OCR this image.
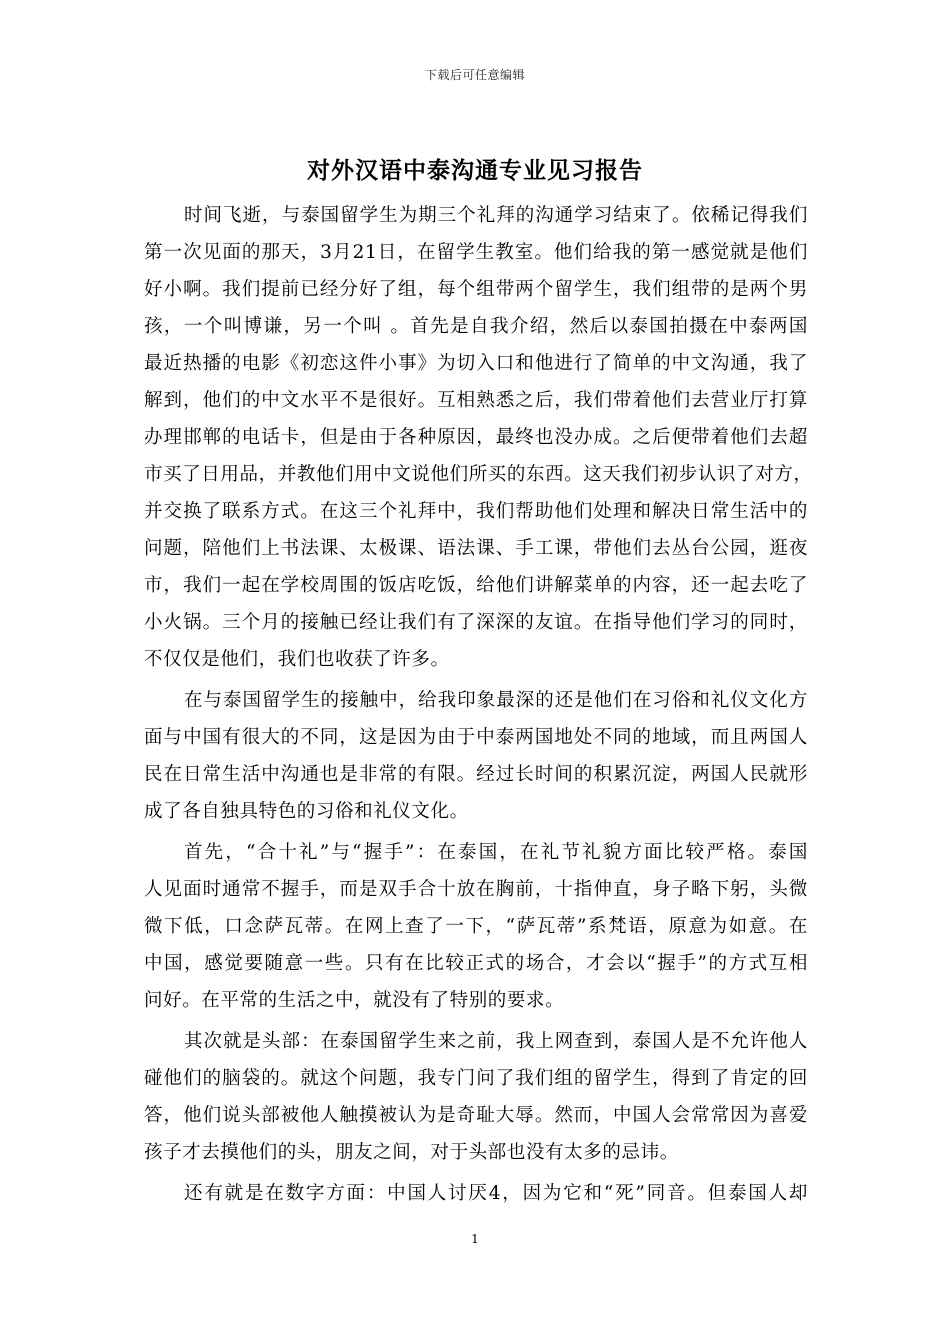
下载后可任意编辑
对外汉语中泰沟通专业见习报告
时间飞逝，与泰国留学生为期三个礼拜的沟通学习结束了。依稀记得我们
第一次见面的那天，3月21日，在留学生教室。他们给我的第一感觉就是他们
好小啊。我们提前已经分好了组，每个组带两个留学生，我们组带的是两个男
孩，一个叫博谦，另一个叫 。首先是自我介绍，然后以泰国拍摄在中泰两国
最近热播的电影《初恋这件小事》为切入口和他进行了简单的中文沟通，我了
解到，他们的中文水平不是很好。互相熟悉之后，我们带着他们去营业厅打算
办理邯郸的电话卡，但是由于各种原因，最终也没办成。之后便带着他们去超
市买了日用品，并教他们用中文说他们所买的东西。这天我们初步认识了对方，
并交换了联系方式。在这三个礼拜中，我们帮助他们处理和解决日常生活中的
问题，陪他们上书法课、太极课、语法课、手工课，带他们去丛台公园，逛夜
市，我们一起在学校周围的饭店吃饭，给他们讲解菜单的内容，还一起去吃了
小火锅。三个月的接触已经让我们有了深深的友谊。在指导他们学习的同时，
不仅仅是他们，我们也收获了许多。
在与泰国留学生的接触中，给我印象最深的还是他们在习俗和礼仪文化方
面与中国有很大的不同，这是因为由于中泰两国地处不同的地域，而且两国人
民在日常生活中沟通也是非常的有限。经过长时间的积累沉淀，两国人民就形
成了各自独具特色的习俗和礼仪文化。
首先，“合十礼”与“握手”：在泰国，在礼节礼貌方面比较严格。泰国
人见面时通常不握手，而是双手合十放在胸前，十指伸直，身子略下躬，头微
微下低，口念萨瓦蒂。在网上查了一下，“萨瓦蒂”系梵语，原意为如意。在
中国，感觉要随意一些。只有在比较正式的场合，才会以“握手”的方式互相
问好。在平常的生活之中，就没有了特别的要求。
其次就是头部：在泰国留学生来之前，我上网查到，泰国人是不允许他人
碰他们的脑袋的。就这个问题，我专门问了我们组的留学生，得到了肯定的回
答，他们说头部被他人触摸被认为是奇耻大辱。然而，中国人会常常因为喜爱
孩子才去摸他们的头，朋友之间，对于头部也没有太多的忌讳。
还有就是在数字方面：中国人讨厌4，因为它和“死”同音。但泰国人却
1
